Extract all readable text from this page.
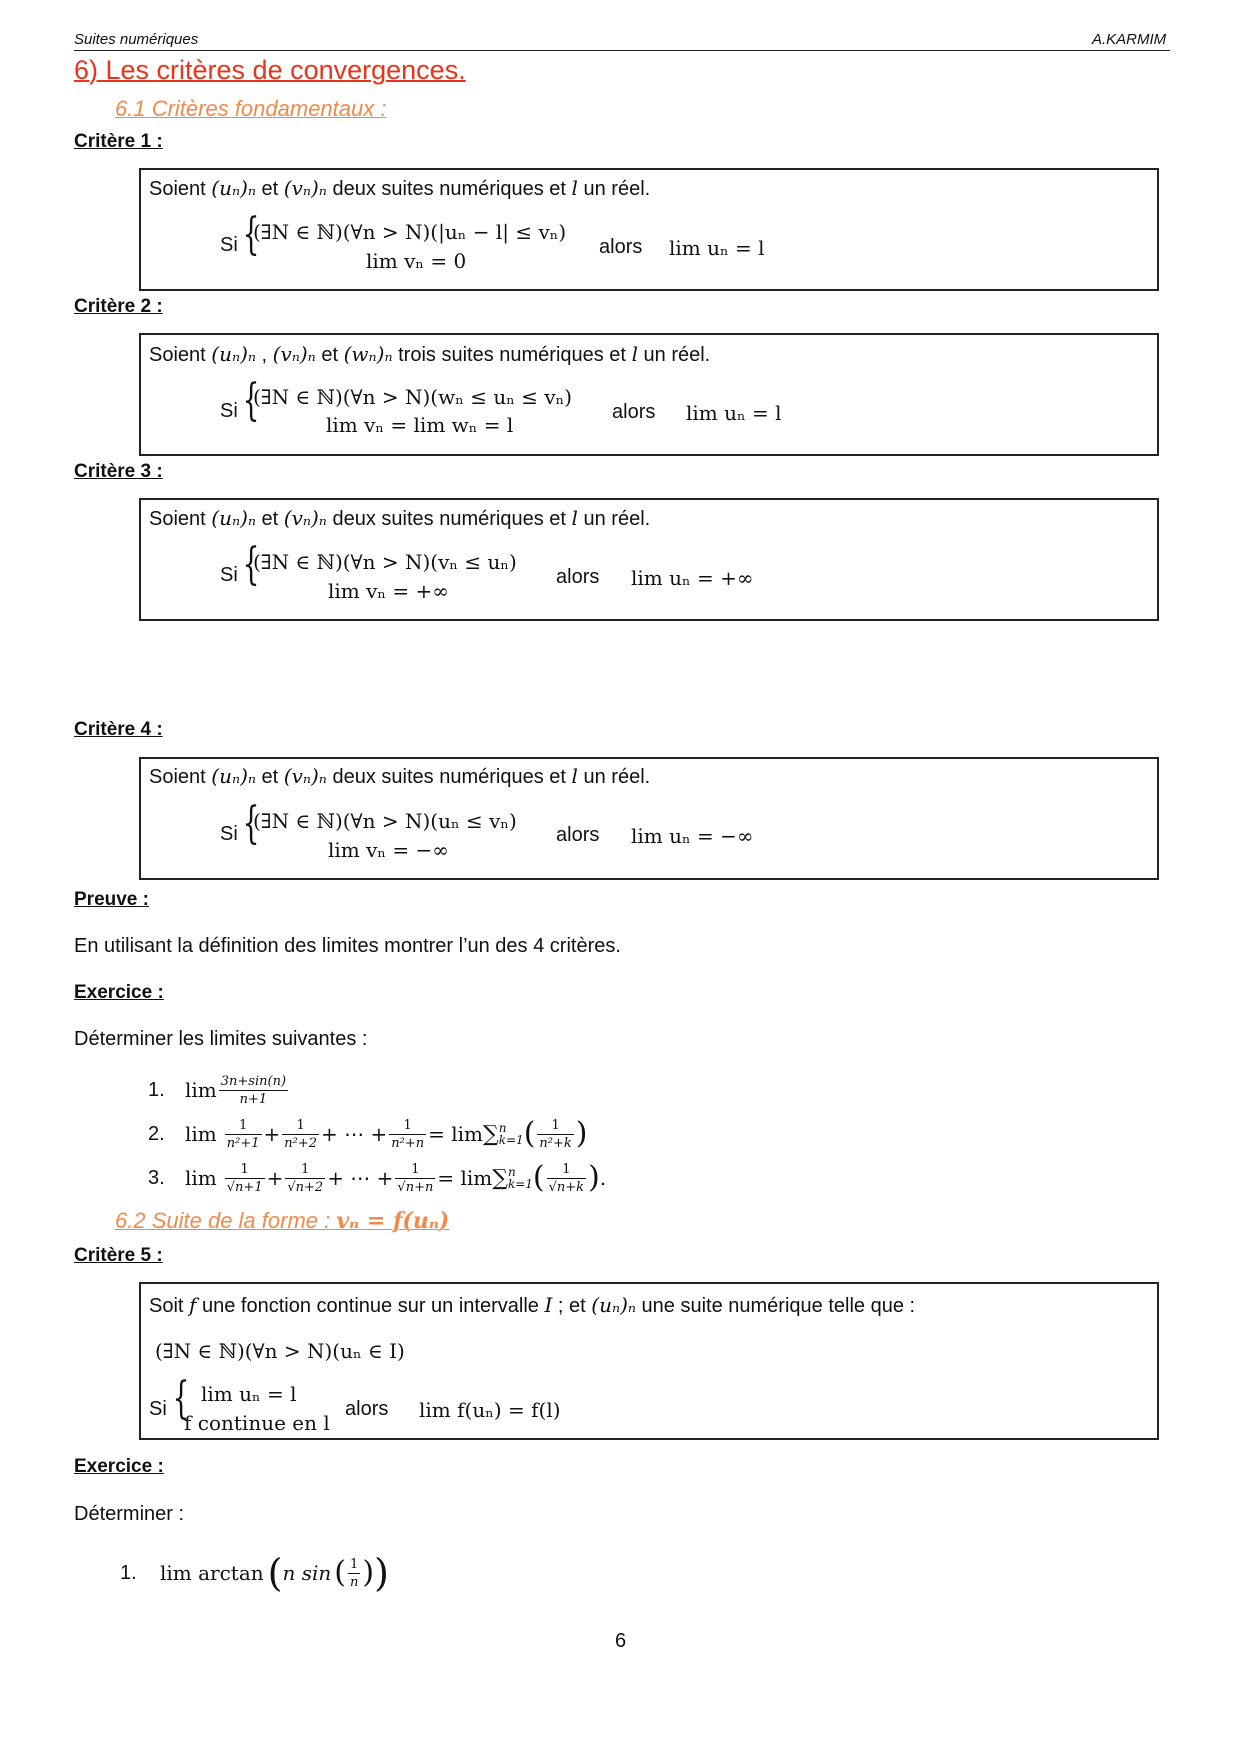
Suites numériques	A.KARMIM
6) Les critères de convergences.
6.1 Critères fondamentaux :
Critère 1 :
Soient (uₙ)ₙ et (vₙ)ₙ deux suites numériques et l un réel.
Si {
(∃N ∈ ℕ)(∀n > N)(|uₙ − l| ≤ vₙ)
lim vₙ = 0
alors lim uₙ = l
Critère 2 :
Soient (uₙ)ₙ , (vₙ)ₙ et (wₙ)ₙ trois suites numériques et l un réel.
Si {
(∃N ∈ ℕ)(∀n > N)(wₙ ≤ uₙ ≤ vₙ)
lim vₙ = lim wₙ = l
alors lim uₙ = l
Critère 3 :
Soient (uₙ)ₙ et (vₙ)ₙ deux suites numériques et l un réel.
Si {
(∃N ∈ ℕ)(∀n > N)(vₙ ≤ uₙ)
lim vₙ = +∞
alors lim uₙ = +∞
Critère 4 :
Soient (uₙ)ₙ et (vₙ)ₙ deux suites numériques et l un réel.
Si {
(∃N ∈ ℕ)(∀n > N)(uₙ ≤ vₙ)
lim vₙ = −∞
alors lim uₙ = −∞
Preuve :
En utilisant la définition des limites montrer l’un des 4 critères.
Exercice :
Déterminer les limites suivantes :
1.	$\lim \frac{3n+\sin(n)}{n+1}$
2.	$\lim \frac{1}{\text{n²+1}} + \frac{1}{\text{n²+2}}$ + ⋯ + $\frac{1}{\text{n²+n}} = \lim$ ∑ n
k=1 ( $\frac{1}{\text{n²+k}}$ )
3.	$\lim \frac{1}{√n+1} + \frac{1}{√n+2}$ + ⋯ + $\frac{1}{√n+n} = \lim$ ∑ n
k=1 ( $\frac{1}{√n+k}$ ) .
6.2 Suite de la forme : vₙ = f(uₙ)
Critère 5 :
Soit f une fonction continue sur un intervalle I ; et (uₙ)ₙ une suite numérique telle que :
(∃N ∈ ℕ)(∀n > N)(uₙ ∈ I)
Si { lim uₙ = l
f continue en l
alors lim f(uₙ) = f(l)
Exercice :
Déterminer :
1.	lim arctan ( n sin ( $\frac{1}{n}$ ) )
6
